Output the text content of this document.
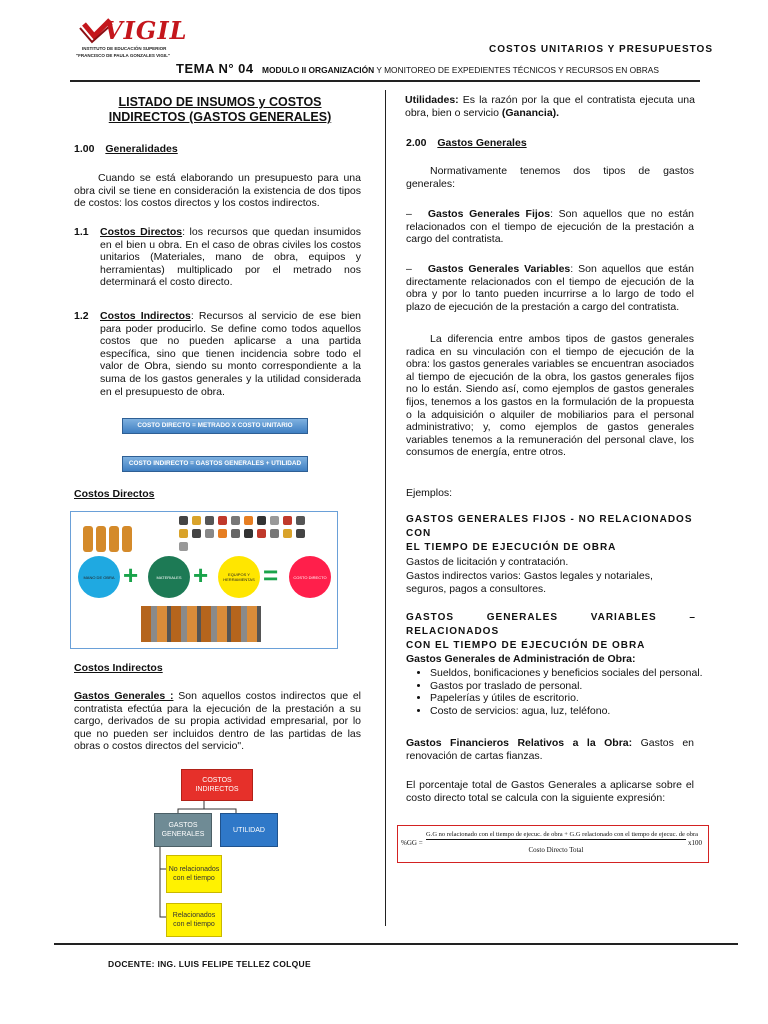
VIGIL
INSTITUTO DE EDUCACIÓN SUPERIOR
"FRANCISCO DE PAULA GONZALES VIGIL"
COSTOS UNITARIOS Y PRESUPUESTOS
TEMA N° 04 MODULO II ORGANIZACIÓN Y MONITOREO DE EXPEDIENTES TÉCNICOS Y RECURSOS EN OBRAS
LISTADO DE INSUMOS y COSTOS
INDIRECTOS (GASTOS GENERALES)
1.00 Generalidades
Cuando se está elaborando un presupuesto para una obra civil se tiene en consideración la existencia de dos tipos de costos: los costos directos y los costos indirectos.
1.1 Costos Directos: los recursos que quedan insumidos en el bien u obra. En el caso de obras civiles los costos unitarios (Materiales, mano de obra, equipos y herramientas) multiplicado por el metrado nos determinará el costo directo.
1.2 Costos Indirectos: Recursos al servicio de ese bien para poder producirlo. Se define como todos aquellos costos que no pueden aplicarse a una partida específica, sino que tienen incidencia sobre todo el valor de Obra, siendo su monto correspondiente a la suma de los gastos generales y la utilidad considerada en el presupuesto de obra.
COSTO DIRECTO = METRADO X COSTO UNITARIO
COSTO INDIRECTO = GASTOS GENERALES + UTILIDAD
Costos Directos
MANO DE OBRA +	MATERIALES +	EQUIPOS Y HERRAMIENTAS =	COSTO DIRECTO
Costos Indirectos
Gastos Generales : Son aquellos costos indirectos que el contratista efectúa para la ejecución de la prestación a su cargo, derivados de su propia actividad empresarial, por lo que no pueden ser incluidos dentro de las partidas de las obras o costos directos del servicio".
COSTOS INDIRECTOS
GASTOS GENERALES
UTILIDAD
No relacionados con el tiempo
Relacionados con el tiempo
Utilidades: Es la razón por la que el contratista ejecuta una obra, bien o servicio (Ganancia).
2.00 Gastos Generales
Normativamente tenemos dos tipos de gastos generales:
– Gastos Generales Fijos: Son aquellos que no están relacionados con el tiempo de ejecución de la prestación a cargo del contratista.
– Gastos Generales Variables: Son aquellos que están directamente relacionados con el tiempo de ejecución de la obra y por lo tanto pueden incurrirse a lo largo de todo el plazo de ejecución de la prestación a cargo del contratista.
La diferencia entre ambos tipos de gastos generales radica en su vinculación con el tiempo de ejecución de la obra: los gastos generales variables se encuentran asociados al tiempo de ejecución de la obra, los gastos generales fijos no lo están. Siendo así, como ejemplos de gastos generales fijos, tenemos a los gastos en la formulación de la propuesta o la adquisición o alquiler de mobiliarios para el personal administrativo; y, como ejemplos de gastos generales variables tenemos a la remuneración del personal clave, los consumos de energía, entre otros.
Ejemplos:
GASTOS GENERALES FIJOS - NO RELACIONADOS CON
EL TIEMPO DE EJECUCIÓN DE OBRA
Gastos de licitación y contratación.
Gastos indirectos varios: Gastos legales y notariales, seguros, pagos a consultores.
GASTOS GENERALES VARIABLES – RELACIONADOS
CON EL TIEMPO DE EJECUCIÓN DE OBRA
Gastos Generales de Administración de Obra:
• Sueldos, bonificaciones y beneficios sociales del personal.
• Gastos por traslado de personal.
• Papelerías y útiles de escritorio.
• Costo de servicios: agua, luz, teléfono.
Gastos Financieros Relativos a la Obra: Gastos en renovación de cartas fianzas.
El porcentaje total de Gastos Generales a aplicarse sobre el costo directo total se calcula con la siguiente expresión:
%GG =
G.G no relacionado con el tiempo de ejecuc. de obra + G.G relacionado con el tiempo de ejecuc. de obra
Costo Directo Total
x100
DOCENTE: ING. LUIS FELIPE TELLEZ COLQUE
